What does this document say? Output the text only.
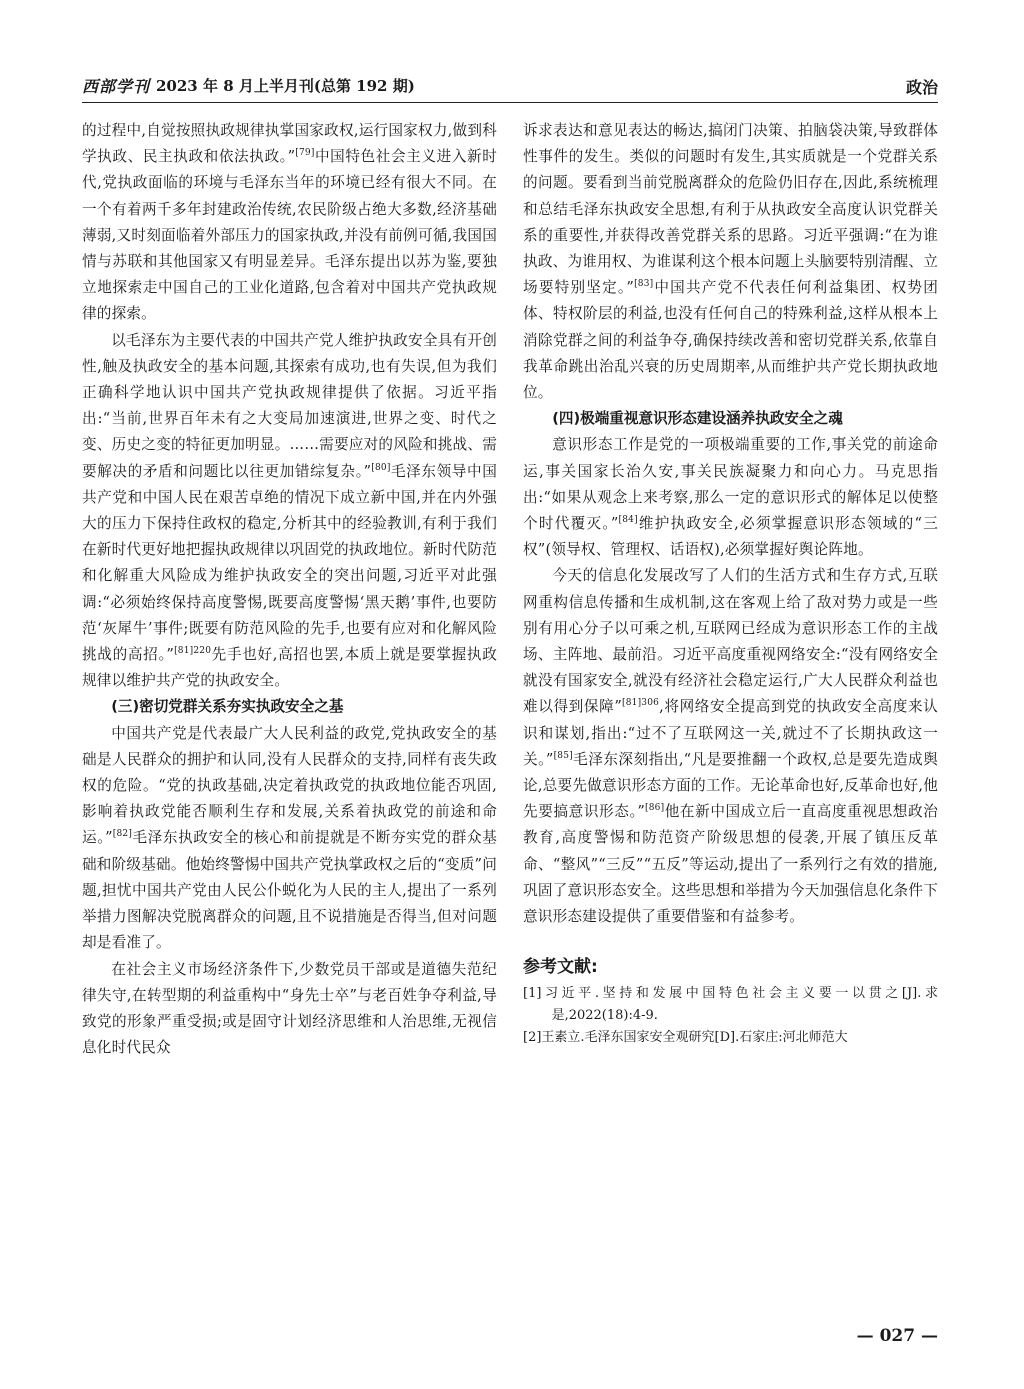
西部学刊 2023 年 8 月上半月刊(总第 192 期)	政治

的过程中,自觉按照执政规律执掌国家政权,运行国家权力,做到科学执政、民主执政和依法执政。”[79]中国特色社会主义进入新时代,党执政面临的环境与毛泽东当年的环境已经有很大不同。在一个有着两千多年封建政治传统,农民阶级占绝大多数,经济基础薄弱,又时刻面临着外部压力的国家执政,并没有前例可循,我国国情与苏联和其他国家又有明显差异。毛泽东提出以苏为鉴,要独立地探索走中国自己的工业化道路,包含着对中国共产党执政规律的探索。

以毛泽东为主要代表的中国共产党人维护执政安全具有开创性,触及执政安全的基本问题,其探索有成功,也有失误,但为我们正确科学地认识中国共产党执政规律提供了依据。习近平指出:“当前,世界百年未有之大变局加速演进,世界之变、时代之变、历史之变的特征更加明显。……需要应对的风险和挑战、需要解决的矛盾和问题比以往更加错综复杂。”[80]毛泽东领导中国共产党和中国人民在艰苦卓绝的情况下成立新中国,并在内外强大的压力下保持住政权的稳定,分析其中的经验教训,有利于我们在新时代更好地把握执政规律以巩固党的执政地位。新时代防范和化解重大风险成为维护执政安全的突出问题,习近平对此强调:“必须始终保持高度警惕,既要高度警惕‘黑天鹅’事件,也要防范‘灰犀牛’事件;既要有防范风险的先手,也要有应对和化解风险挑战的高招。”$^{[81]220}$先手也好,高招也罢,本质上就是要掌握执政规律以维护共产党的执政安全。

(三)密切党群关系夯实执政安全之基

中国共产党是代表最广大人民利益的政党,党执政安全的基础是人民群众的拥护和认同,没有人民群众的支持,同样有丧失政权的危险。“党的执政基础,决定着执政党的执政地位能否巩固,影响着执政党能否顺利生存和发展,关系着执政党的前途和命运。”[82]毛泽东执政安全的核心和前提就是不断夯实党的群众基础和阶级基础。他始终警惕中国共产党执掌政权之后的“变质”问题,担忧中国共产党由人民公仆蜕化为人民的主人,提出了一系列举措力图解决党脱离群众的问题,且不说措施是否得当,但对问题却是看准了。

在社会主义市场经济条件下,少数党员干部或是道德失范纪律失守,在转型期的利益重构中“身先士卒”与老百姓争夺利益,导致党的形象严重受损;或是固守计划经济思维和人治思维,无视信息化时代民众

诉求表达和意见表达的畅达,搞闭门决策、拍脑袋决策,导致群体性事件的发生。类似的问题时有发生,其实质就是一个党群关系的问题。要看到当前党脱离群众的危险仍旧存在,因此,系统梳理和总结毛泽东执政安全思想,有利于从执政安全高度认识党群关系的重要性,并获得改善党群关系的思路。习近平强调:“在为谁执政、为谁用权、为谁谋利这个根本问题上头脑要特别清醒、立场要特别坚定。”[83]中国共产党不代表任何利益集团、权势团体、特权阶层的利益,也没有任何自己的特殊利益,这样从根本上消除党群之间的利益争夺,确保持续改善和密切党群关系,依靠自我革命跳出治乱兴衰的历史周期率,从而维护共产党长期执政地位。

(四)极端重视意识形态建设涵养执政安全之魂

意识形态工作是党的一项极端重要的工作,事关党的前途命运,事关国家长治久安,事关民族凝聚力和向心力。马克思指出:“如果从观念上来考察,那么一定的意识形式的解体足以使整个时代覆灭。”[84]维护执政安全,必须掌握意识形态领域的“三权”(领导权、管理权、话语权),必须掌握好舆论阵地。

今天的信息化发展改写了人们的生活方式和生存方式,互联网重构信息传播和生成机制,这在客观上给了敌对势力或是一些别有用心分子以可乘之机,互联网已经成为意识形态工作的主战场、主阵地、最前沿。习近平高度重视网络安全:“没有网络安全就没有国家安全,就没有经济社会稳定运行,广大人民群众利益也难以得到保障”$^{[81]306}$,将网络安全提高到党的执政安全高度来认识和谋划,指出:“过不了互联网这一关,就过不了长期执政这一关。”[85]毛泽东深刻指出,“凡是要推翻一个政权,总是要先造成舆论,总要先做意识形态方面的工作。无论革命也好,反革命也好,他先要搞意识形态。”[86]他在新中国成立后一直高度重视思想政治教育,高度警惕和防范资产阶级思想的侵袭,开展了镇压反革命、“整风”“三反”“五反”等运动,提出了一系列行之有效的措施,巩固了意识形态安全。这些思想和举措为今天加强信息化条件下意识形态建设提供了重要借鉴和有益参考。

参考文献:

[1]习近平.坚持和发展中国特色社会主义要一以贯之[J].求是,2022(18):4-9.

[2]王素立.毛泽东国家安全观研究[D].石家庄:河北师范大

— 027 —
